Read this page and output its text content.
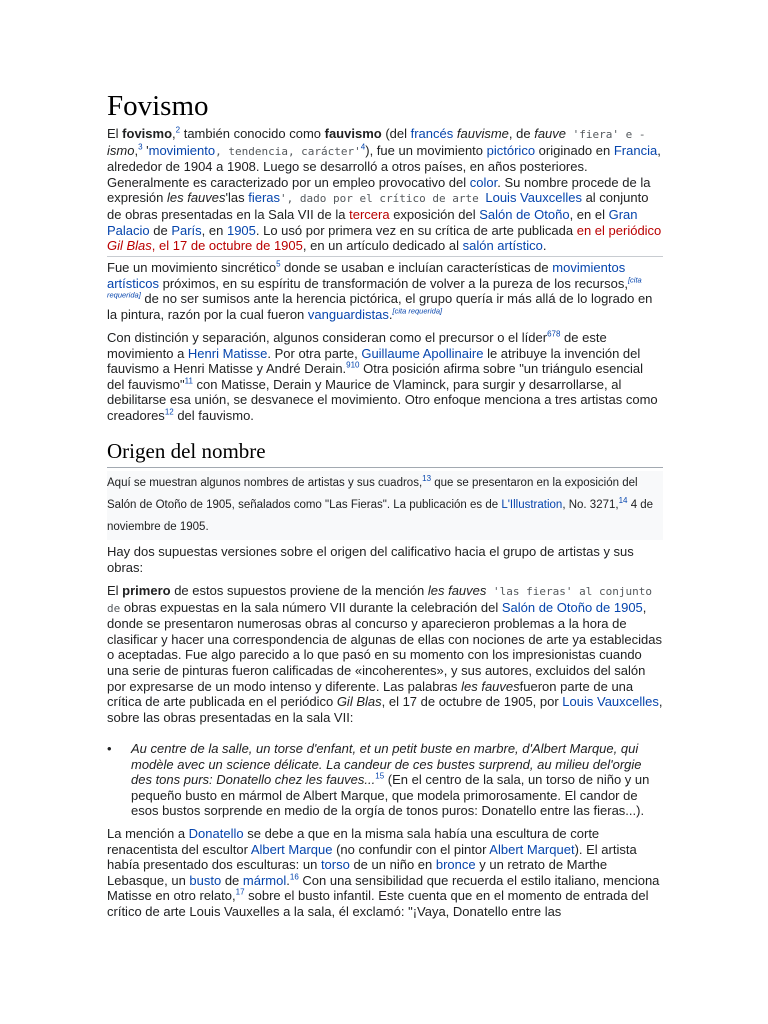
Fovismo

El fovismo,$^2$ también conocido como fauvismo (del francés fauvisme, de fauve 'fiera' e -
ismo,$^3$ 'movimiento, tendencia, $carácter'^4$), fue un movimiento pictórico originado en Francia, alrededor de 1904 a 1908. Luego se desarrolló a otros países, en años posteriores. Generalmente es caracterizado por un empleo provocativo del color. Su nombre procede de la expresión les fauves'las fieras', dado por el crítico de arte Louis Vauxcelles al conjunto de obras presentadas en la Sala VII de la tercera exposición del Salón de Otoño, en el Gran Palacio de París, en 1905. Lo usó por primera vez en su crítica de arte publicada en el periódico Gil Blas, el 17 de octubre de 1905, en un artículo dedicado al salón artístico.

Fue un movimiento sincrético$^5$ donde se usaban e incluían características de movimientos artísticos próximos, en su espíritu de transformación de volver a la pureza de los recursos,[cita requerida] de no ser sumisos ante la herencia pictórica, el grupo quería ir más allá de lo logrado en la pintura, razón por la cual fueron vanguardistas.[cita requerida]

Con distinción y separación, algunos consideran como el precursor o el líder$^{678}$ de este movimiento a Henri Matisse. Por otra parte, Guillaume Apollinaire le atribuye la invención del fauvismo a Henri Matisse y André Derain.$^{910}$ Otra posición afirma sobre "un triángulo esencial del fauvismo"$^{11}$ con Matisse, Derain y Maurice de Vlaminck, para surgir y desarrollarse, al debilitarse esa unión, se desvanece el movimiento. Otro enfoque menciona a tres artistas como creadores$^{12}$ del fauvismo.

Origen del nombre

Aquí se muestran algunos nombres de artistas y sus cuadros,$^{13}$ que se presentaron en la exposición del Salón de Otoño de 1905, señalados como "Las Fieras". La publicación es de L'Illustration, No. 3271,14 4 de noviembre de 1905.

Hay dos supuestas versiones sobre el origen del calificativo hacia el grupo de artistas y sus obras:

El primero de estos supuestos proviene de la mención les fauves 'las fieras' al conjunto de obras expuestas en la sala número VII durante la celebración del Salón de Otoño de 1905, donde se presentaron numerosas obras al concurso y aparecieron problemas a la hora de clasificar y hacer una correspondencia de algunas de ellas con nociones de arte ya establecidas o aceptadas. Fue algo parecido a lo que pasó en su momento con los impresionistas cuando una serie de pinturas fueron calificadas de «incoherentes», y sus autores, excluidos del salón por expresarse de un modo intenso y diferente. Las palabras les fauvesfueron parte de una crítica de arte publicada en el periódico Gil Blas, el 17 de octubre de 1905, por Louis Vauxcelles, sobre las obras presentadas en la sala VII:

• Au centre de la salle, un torse d'enfant, et un petit buste en marbre, d'Albert Marque, qui modèle avec un science délicate. La candeur de ces bustes surprend, au milieu del'orgie des tons purs: Donatello chez les fauves...$^{15}$ (En el centro de la sala, un torso de niño y un pequeño busto en mármol de Albert Marque, que modela primorosamente. El candor de esos bustos sorprende en medio de la orgía de tonos puros: Donatello entre las fieras...).

La mención a Donatello se debe a que en la misma sala había una escultura de corte renacentista del escultor Albert Marque (no confundir con el pintor Albert Marquet). El artista había presentado dos esculturas: un torso de un niño en bronce y un retrato de Marthe Lebasque, un busto de mármol.$^{16}$ Con una sensibilidad que recuerda el estilo italiano, menciona Matisse en otro relato,$^{17}$ sobre el busto infantil. Este cuenta que en el momento de entrada del crítico de arte Louis Vauxelles a la sala, él exclamó: "¡Vaya, Donatello entre las
